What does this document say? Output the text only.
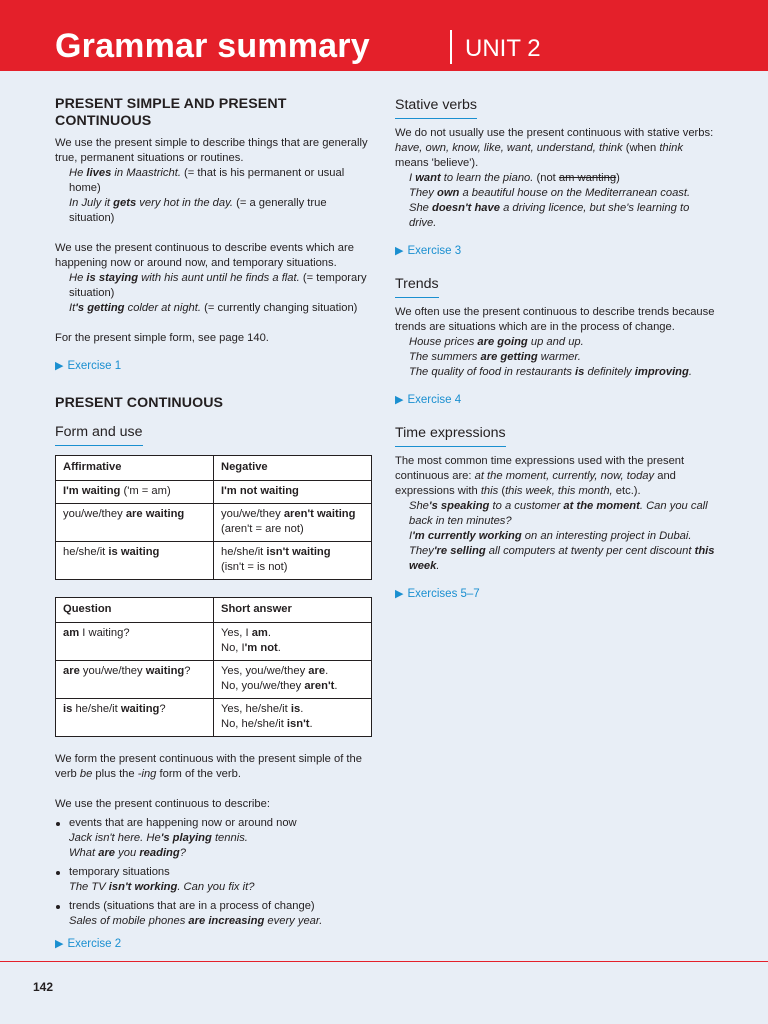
Grammar summary	UNIT 2
PRESENT SIMPLE AND PRESENT CONTINUOUS

We use the present simple to describe things that are generally true, permanent situations or routines.

He lives in Maastricht. (= that is his permanent or usual home)

In July it gets very hot in the day. (= a generally true situation)

We use the present continuous to describe events which are happening now or around now, and temporary situations.

He is staying with his aunt until he finds a flat. (= temporary situation)

It's getting colder at night. (= currently changing situation)

For the present simple form, see page 140.

▶ Exercise 1

PRESENT CONTINUOUS
Form and use
Affirmative	Negative
I'm waiting ('m = am)	I'm not waiting
you/we/they are waiting	you/we/they aren't waiting (aren't = are not)
he/she/it is waiting	he/she/it isn't waiting
(isn't = is not)
Question	Short answer
am I waiting?	Yes, I am.
No, I'm not.
are you/we/they waiting?	Yes, you/we/they are.
No, you/we/they aren't.
is he/she/it waiting?	Yes, he/she/it is.
No, he/she/it isn't.

We form the present continuous with the present simple of the verb be plus the -ing form of the verb.

We use the present continuous to describe:

events that are happening now or around now
Jack isn't here. He's playing tennis.
What are you reading?
temporary situations
The TV isn't working. Can you fix it?
trends (situations that are in a process of change)
Sales of mobile phones are increasing every year.

▶ Exercise 2

Stative verbs

We do not usually use the present continuous with stative verbs: have, own, know, like, want, understand, think (when think means 'believe').

I want to learn the piano. (not am wanting)

They own a beautiful house on the Mediterranean coast.

She doesn't have a driving licence, but she's learning to drive.

▶ Exercise 3

Trends

We often use the present continuous to describe trends because trends are situations which are in the process of change.

House prices are going up and up.

The summers are getting warmer.

The quality of food in restaurants is definitely improving.

▶ Exercise 4

Time expressions

The most common time expressions used with the present continuous are: at the moment, currently, now, today and expressions with this (this week, this month, etc.).

She's speaking to a customer at the moment. Can you call back in ten minutes?

I'm currently working on an interesting project in Dubai.

They're selling all computers at twenty per cent discount this week.

▶ Exercises 5–7

142
